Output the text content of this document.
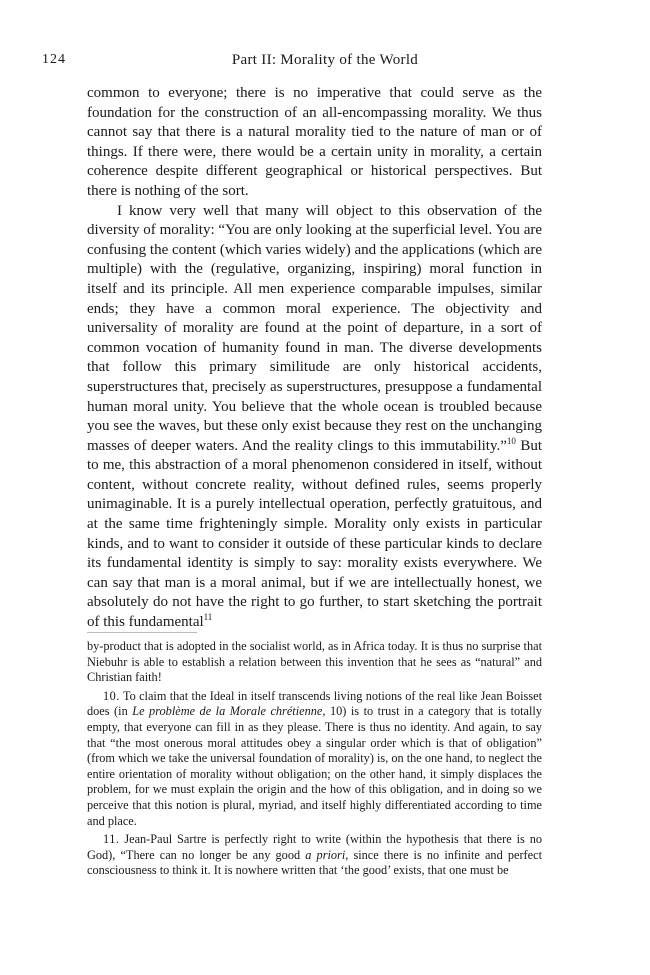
124	Part II: Morality of the World

common to everyone; there is no imperative that could serve as the foundation for the construction of an all-encompassing morality. We thus cannot say that there is a natural morality tied to the nature of man or of things. If there were, there would be a certain unity in morality, a certain coherence despite different geographical or historical perspectives. But there is nothing of the sort.

I know very well that many will object to this observation of the diversity of morality: “You are only looking at the superficial level. You are confusing the content (which varies widely) and the applications (which are multiple) with the (regulative, organizing, inspiring) moral function in itself and its principle. All men experience comparable impulses, similar ends; they have a common moral experience. The objectivity and universality of morality are found at the point of departure, in a sort of common vocation of humanity found in man. The diverse developments that follow this primary similitude are only historical accidents, superstructures that, precisely as superstructures, presuppose a fundamental human moral unity. You believe that the whole ocean is troubled because you see the waves, but these only exist because they rest on the unchanging masses of deeper waters. And the reality clings to this immutability.”$^{10}$ But to me, this abstraction of a moral phenomenon considered in itself, without content, without concrete reality, without defined rules, seems properly unimaginable. It is a purely intellectual operation, perfectly gratuitous, and at the same time frighteningly simple. Morality only exists in particular kinds, and to want to consider it outside of these particular kinds to declare its fundamental identity is simply to say: morality exists everywhere. We can say that man is a moral animal, but if we are intellectually honest, we absolutely do not have the right to go further, to start sketching the portrait of this fundamental$^{11}$

by-product that is adopted in the socialist world, as in Africa today. It is thus no surprise that Niebuhr is able to establish a relation between this invention that he sees as “natural” and Christian faith!

10. To claim that the Ideal in itself transcends living notions of the real like Jean Boisset does (in Le problème de la Morale chrétienne, 10) is to trust in a category that is totally empty, that everyone can fill in as they please. There is thus no identity. And again, to say that “the most onerous moral attitudes obey a singular order which is that of obligation” (from which we take the universal foundation of morality) is, on the one hand, to neglect the entire orientation of morality without obligation; on the other hand, it simply displaces the problem, for we must explain the origin and the how of this obligation, and in doing so we perceive that this notion is plural, myriad, and itself highly differentiated according to time and place.

11. Jean-Paul Sartre is perfectly right to write (within the hypothesis that there is no God), “There can no longer be any good a priori, since there is no infinite and perfect consciousness to think it. It is nowhere written that ‘the good’ exists, that one must be
